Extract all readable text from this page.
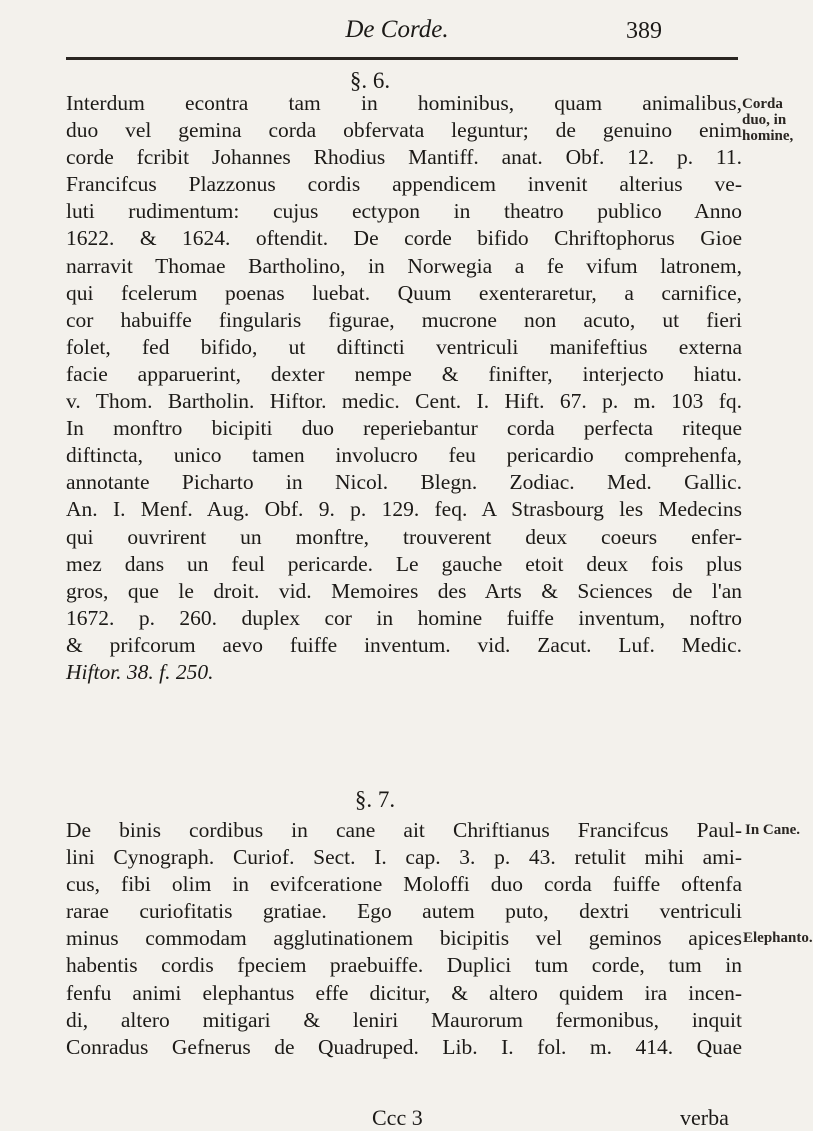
De Corde.	389
§. 6.
Interdum econtra tam in hominibus, quam animalibus,
duo vel gemina corda obfervata leguntur; de genuino enim
corde fcribit Johannes Rhodius Mantiff. anat. Obf. 12. p. 11.
Francifcus Plazzonus cordis appendicem invenit alterius ve-
luti rudimentum: cujus ectypon in theatro publico Anno
1622. & 1624. oftendit. De corde bifido Chriftophorus Gioe
narravit Thomae Bartholino, in Norwegia a fe vifum latronem,
qui fcelerum poenas luebat. Quum exenteraretur, a carnifice,
cor habuiffe fingularis figurae, mucrone non acuto, ut fieri
folet, fed bifido, ut diftincti ventriculi manifeftius externa
facie apparuerint, dexter nempe & finifter, interjecto hiatu.
v. Thom. Bartholin. Hiftor. medic. Cent. I. Hift. 67. p. m. 103 fq.
In monftro bicipiti duo reperiebantur corda perfecta riteque
diftincta, unico tamen involucro feu pericardio comprehenfa,
annotante Picharto in Nicol. Blegn. Zodiac. Med. Gallic.
An. I. Menf. Aug. Obf. 9. p. 129. feq. A Strasbourg les Medecins
qui ouvrirent un monftre, trouverent deux coeurs enfer-
mez dans un feul pericarde. Le gauche etoit deux fois plus
gros, que le droit. vid. Memoires des Arts & Sciences de l'an
1672. p. 260. duplex cor in homine fuiffe inventum, noftro
& prifcorum aevo fuiffe inventum. vid. Zacut. Luf. Medic.
Hiftor. 38. f. 250.
§. 7.
De binis cordibus in cane ait Chriftianus Francifcus Paul-
lini Cynograph. Curiof. Sect. I. cap. 3. p. 43. retulit mihi ami-
cus, fibi olim in evifceratione Moloffi duo corda fuiffe oftenfa
rarae curiofitatis gratiae. Ego autem puto, dextri ventriculi
minus commodam agglutinationem bicipitis vel geminos apices
habentis cordis fpeciem praebuiffe. Duplici tum corde, tum in
fenfu animi elephantus effe dicitur, & altero quidem ira incen-
di, altero mitigari & leniri Maurorum fermonibus, inquit
Conradus Gefnerus de Quadruped. Lib. I. fol. m. 414. Quae
Corda duo, in homine,
In Cane.
Elephanto.
Ccc 3	verba
